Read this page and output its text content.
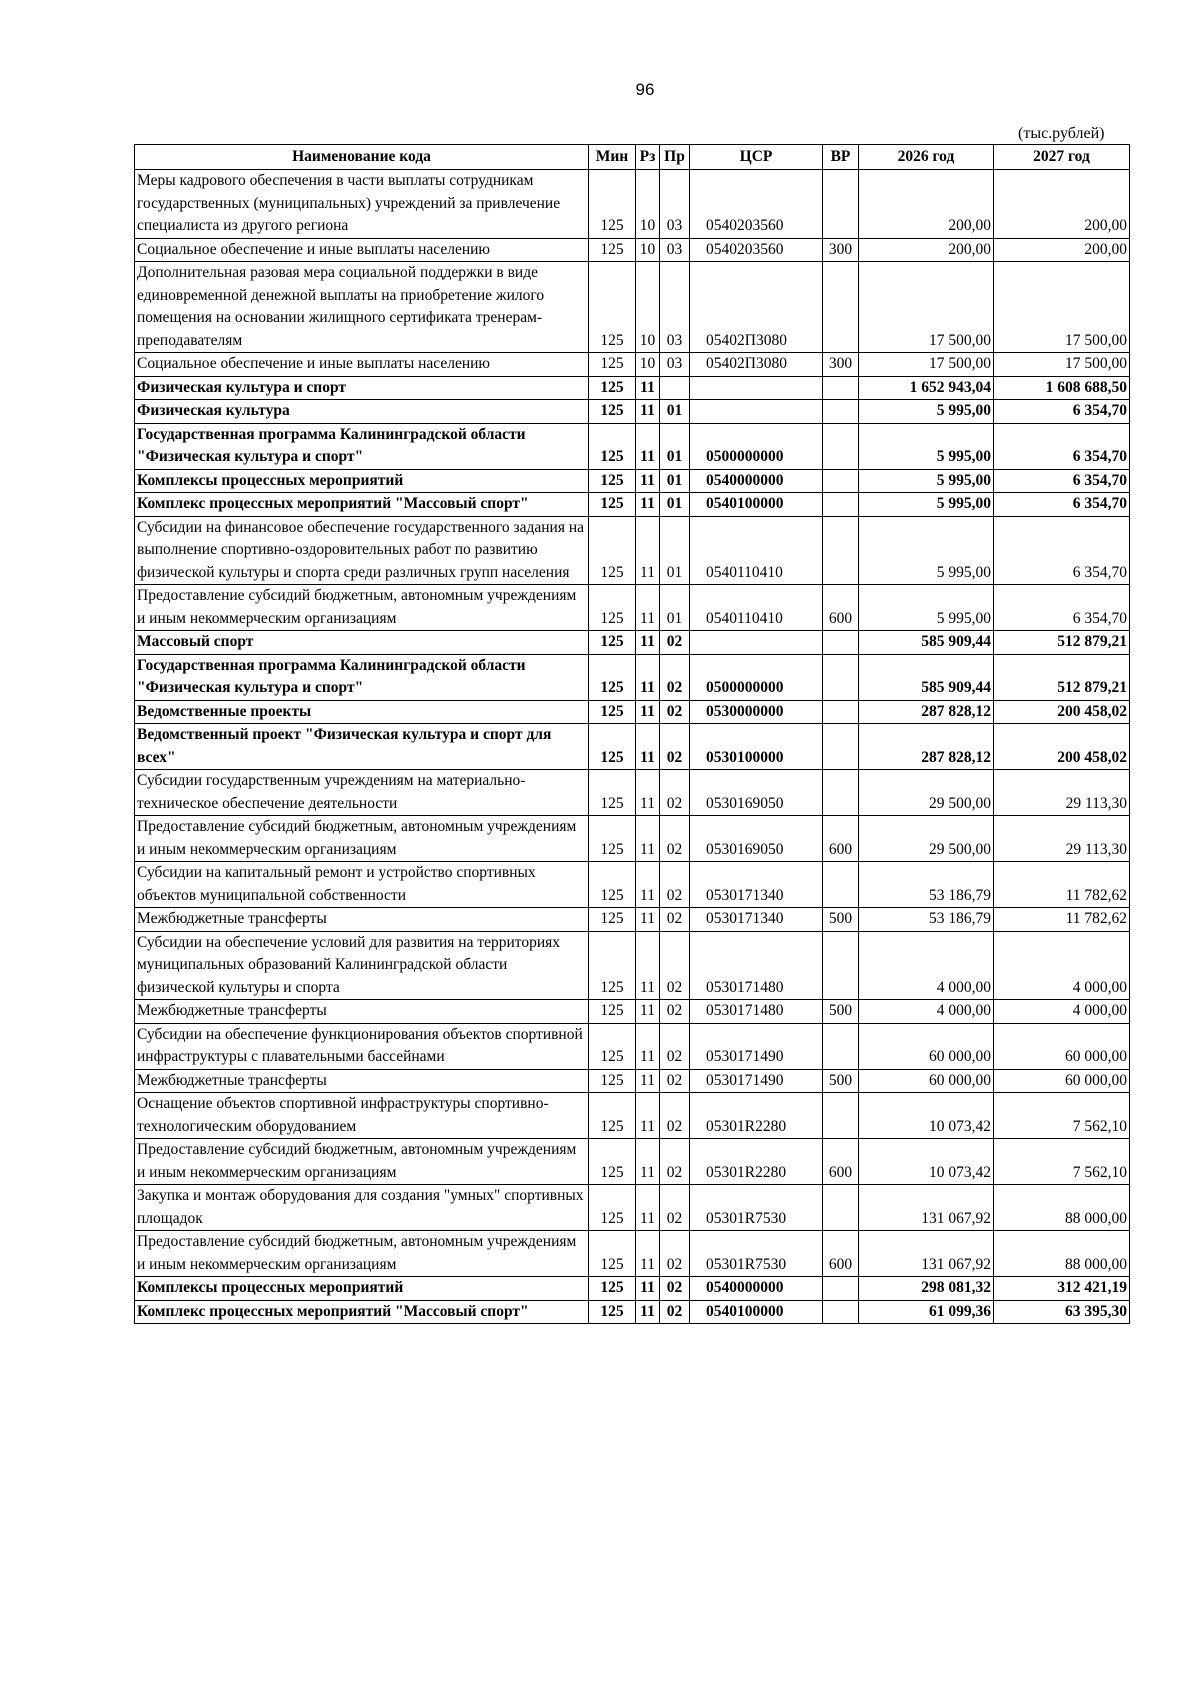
96
(тыс.рублей)
Наименование кода	Мин	Рз	Пр	ЦСР	ВР	2026 год	2027 год
Меры кадрового обеспечения в части выплаты сотрудникам государственных (муниципальных) учреждений за привлечение специалиста из другого региона	125	10	03	0540203560		200,00	200,00
Социальное обеспечение и иные выплаты населению	125	10	03	0540203560	300	200,00	200,00
Дополнительная разовая мера социальной поддержки в виде единовременной денежной выплаты на приобретение жилого помещения на основании жилищного сертификата тренерам-преподавателям	125	10	03	05402П3080		17 500,00	17 500,00
Социальное обеспечение и иные выплаты населению	125	10	03	05402П3080	300	17 500,00	17 500,00
Физическая культура и спорт	125	11				1 652 943,04	1 608 688,50
Физическая культура	125	11	01			5 995,00	6 354,70
Государственная программа Калининградской области "Физическая культура и спорт"	125	11	01	0500000000		5 995,00	6 354,70
Комплексы процессных мероприятий	125	11	01	0540000000		5 995,00	6 354,70
Комплекс процессных мероприятий "Массовый спорт"	125	11	01	0540100000		5 995,00	6 354,70
Субсидии на финансовое обеспечение государственного задания на выполнение спортивно-оздоровительных работ по развитию физической культуры и спорта среди различных групп населения	125	11	01	0540110410		5 995,00	6 354,70
Предоставление субсидий бюджетным, автономным учреждениям и иным некоммерческим организациям	125	11	01	0540110410	600	5 995,00	6 354,70
Массовый спорт	125	11	02			585 909,44	512 879,21
Государственная программа Калининградской области "Физическая культура и спорт"	125	11	02	0500000000		585 909,44	512 879,21
Ведомственные проекты	125	11	02	0530000000		287 828,12	200 458,02
Ведомственный проект "Физическая культура и спорт для всех"	125	11	02	0530100000		287 828,12	200 458,02
Субсидии государственным учреждениям на материально-техническое обеспечение деятельности	125	11	02	0530169050		29 500,00	29 113,30
Предоставление субсидий бюджетным, автономным учреждениям и иным некоммерческим организациям	125	11	02	0530169050	600	29 500,00	29 113,30
Субсидии на капитальный ремонт и устройство спортивных объектов муниципальной собственности	125	11	02	0530171340		53 186,79	11 782,62
Межбюджетные трансферты	125	11	02	0530171340	500	53 186,79	11 782,62
Субсидии на обеспечение условий для развития на территориях муниципальных образований Калининградской области физической культуры и спорта	125	11	02	0530171480		4 000,00	4 000,00
Межбюджетные трансферты	125	11	02	0530171480	500	4 000,00	4 000,00
Субсидии на обеспечение функционирования объектов спортивной инфраструктуры с плавательными бассейнами	125	11	02	0530171490		60 000,00	60 000,00
Межбюджетные трансферты	125	11	02	0530171490	500	60 000,00	60 000,00
Оснащение объектов спортивной инфраструктуры спортивно-технологическим оборудованием	125	11	02	05301R2280		10 073,42	7 562,10
Предоставление субсидий бюджетным, автономным учреждениям и иным некоммерческим организациям	125	11	02	05301R2280	600	10 073,42	7 562,10
Закупка и монтаж оборудования для создания "умных" спортивных площадок	125	11	02	05301R7530		131 067,92	88 000,00
Предоставление субсидий бюджетным, автономным учреждениям и иным некоммерческим организациям	125	11	02	05301R7530	600	131 067,92	88 000,00
Комплексы процессных мероприятий	125	11	02	0540000000		298 081,32	312 421,19
Комплекс процессных мероприятий "Массовый спорт"	125	11	02	0540100000		61 099,36	63 395,30
